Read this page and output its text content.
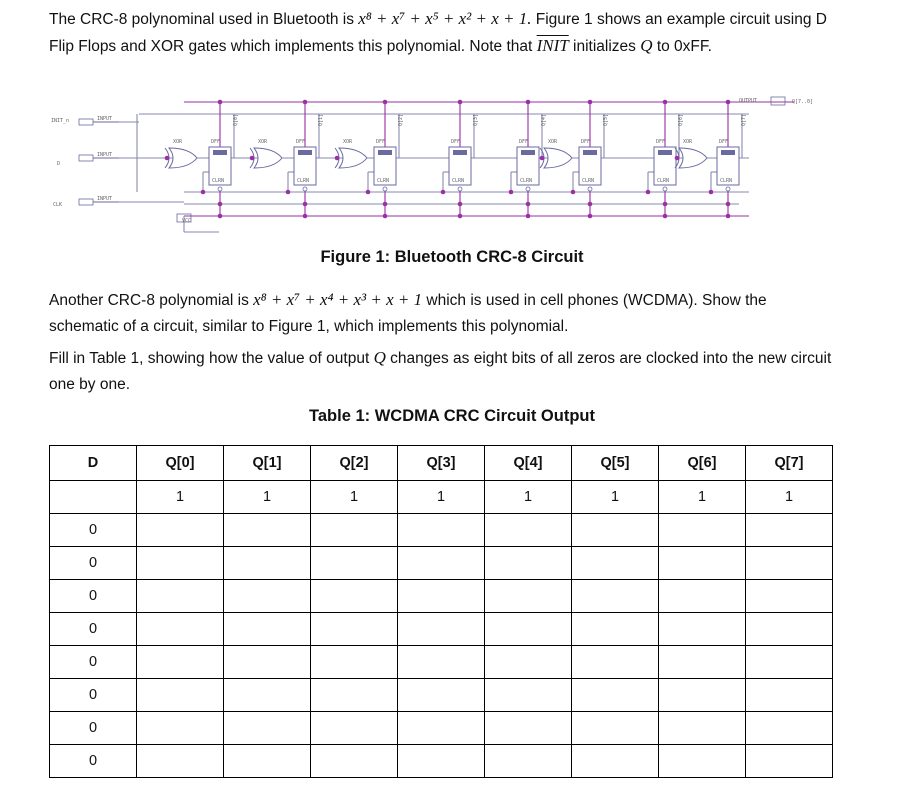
The CRC-8 polynominal used in Bluetooth is x⁸ + x⁷ + x⁵ + x² + x + 1. Figure 1 shows an example circuit using D Flip Flops and XOR gates which implements this polynomial. Note that INIT initializes Q to 0xFF.
INPUT
INPUT
INPUT
DFF
CLRN
Q[0]
DFF
CLRN
Q[1]
DFF
CLRN
Q[2]
DFF
CLRN
Q[3]
DFF
CLRN
Q[4]
DFF
CLRN
Q[5]
DFF
CLRN
Q[6]
DFF
CLRN
Q[7]
XOR	XOR	XOR	XOR	XOR
INIT_n
D
CLK
OUTPUT	Q[7..0]
VCC
Figure 1: Bluetooth CRC-8 Circuit
Another CRC-8 polynomial is x⁸ + x⁷ + x⁴ + x³ + x + 1 which is used in cell phones (WCDMA). Show the schematic of a circuit, similar to Figure 1, which implements this polynomial.
Fill in Table 1, showing how the value of output Q changes as eight bits of all zeros are clocked into the new circuit one by one.
Table 1: WCDMA CRC Circuit Output
D	Q[0]	Q[1]	Q[2]	Q[3]	Q[4]	Q[5]	Q[6]	Q[7]
	1	1	1	1	1	1	1	1
0								
0								
0								
0								
0								
0								
0								
0								
